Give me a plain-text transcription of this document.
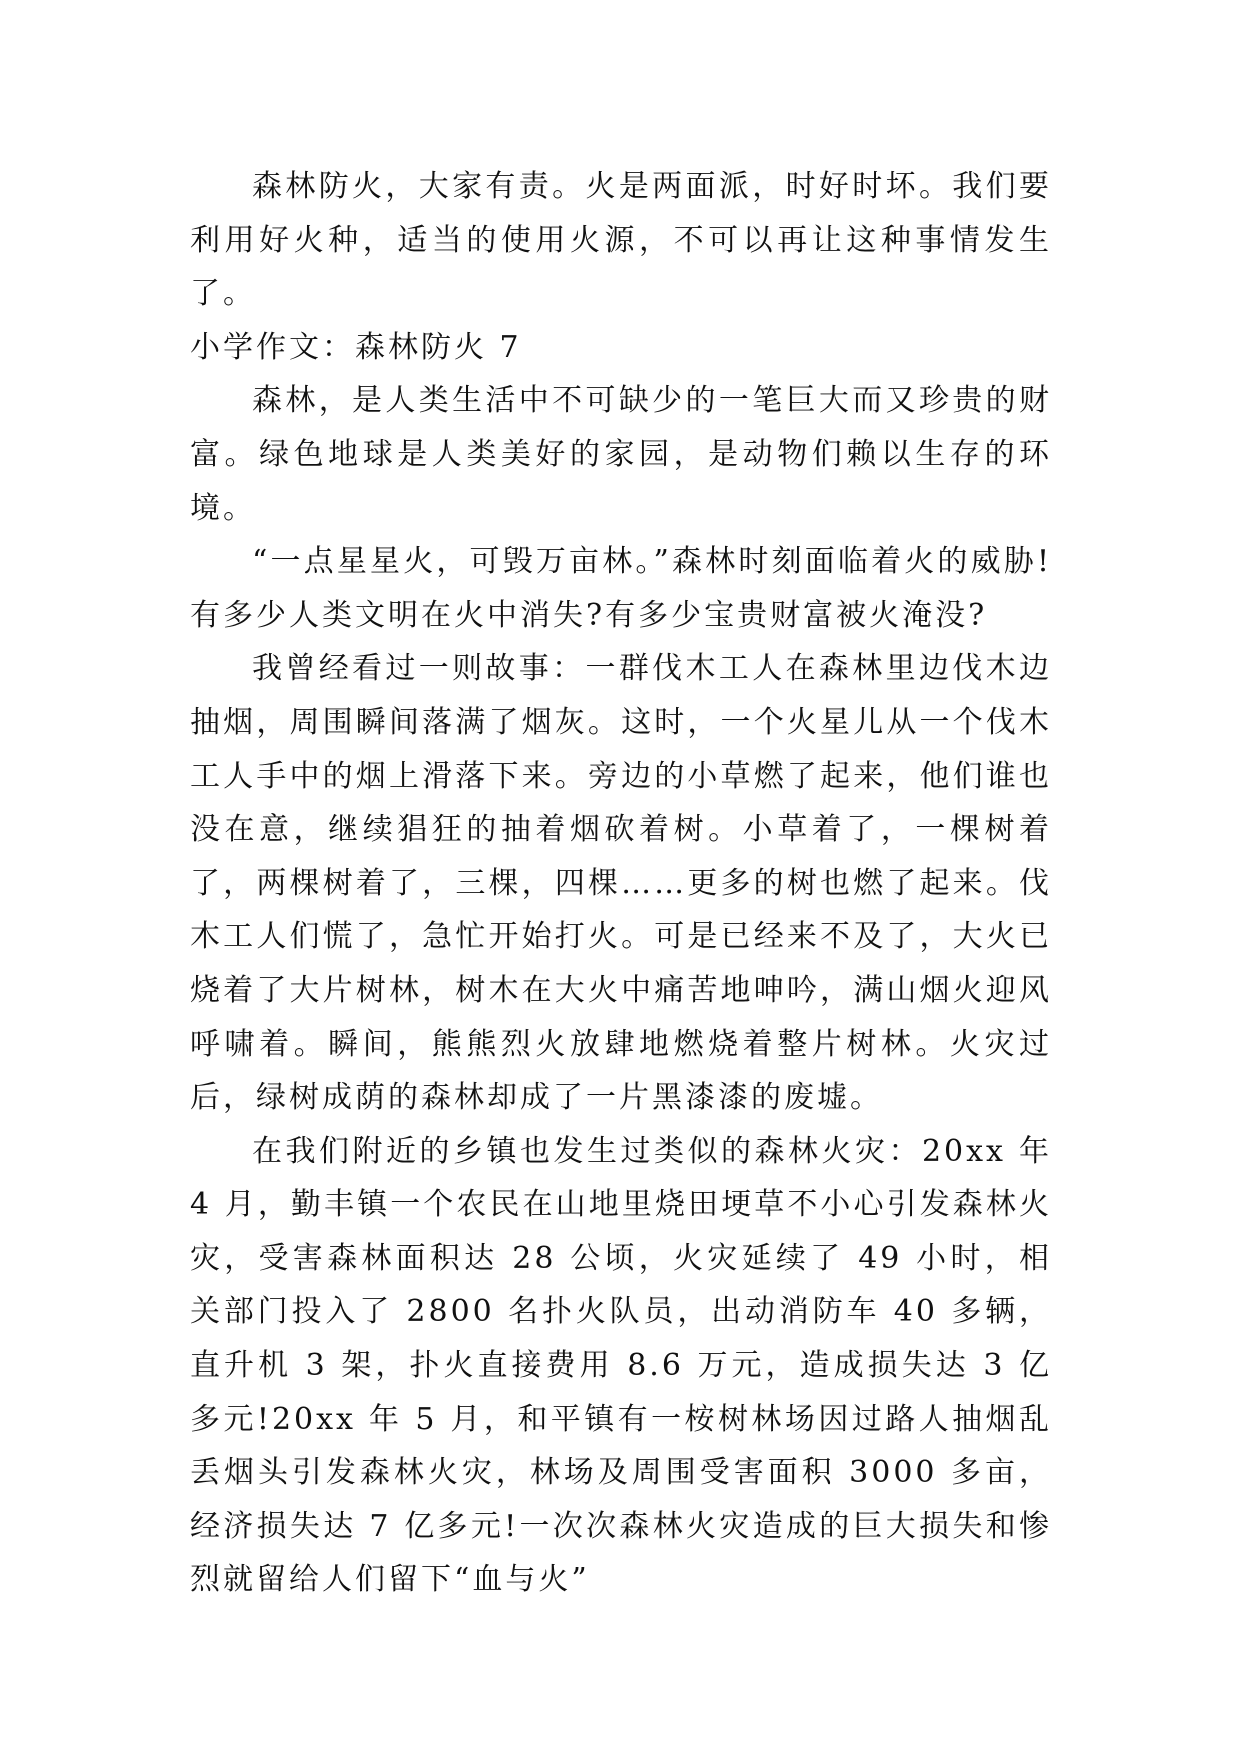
森林防火，大家有责。火是两面派，时好时坏。我们要利用好火种，适当的使用火源，不可以再让这种事情发生了。

小学作文：森林防火 7

森林，是人类生活中不可缺少的一笔巨大而又珍贵的财富。绿色地球是人类美好的家园，是动物们赖以生存的环境。

“一点星星火，可毁万亩林。”森林时刻面临着火的威胁!有多少人类文明在火中消失?有多少宝贵财富被火淹没?

我曾经看过一则故事：一群伐木工人在森林里边伐木边抽烟，周围瞬间落满了烟灰。这时，一个火星儿从一个伐木工人手中的烟上滑落下来。旁边的小草燃了起来，他们谁也没在意，继续猖狂的抽着烟砍着树。小草着了，一棵树着了，两棵树着了，三棵，四棵……更多的树也燃了起来。伐木工人们慌了，急忙开始打火。可是已经来不及了，大火已烧着了大片树林，树木在大火中痛苦地呻吟，满山烟火迎风呼啸着。瞬间，熊熊烈火放肆地燃烧着整片树林。火灾过后，绿树成荫的森林却成了一片黑漆漆的废墟。

在我们附近的乡镇也发生过类似的森林火灾：20xx 年 4 月，勤丰镇一个农民在山地里烧田埂草不小心引发森林火灾，受害森林面积达 28 公顷，火灾延续了 49 小时，相关部门投入了 2800 名扑火队员，出动消防车 40 多辆，直升机 3 架，扑火直接费用 8.6 万元，造成损失达 3 亿多元!20xx 年 5 月，和平镇有一桉树林场因过路人抽烟乱丢烟头引发森林火灾，林场及周围受害面积 3000 多亩，经济损失达 7 亿多元!一次次森林火灾造成的巨大损失和惨烈就留给人们留下“血与火”
